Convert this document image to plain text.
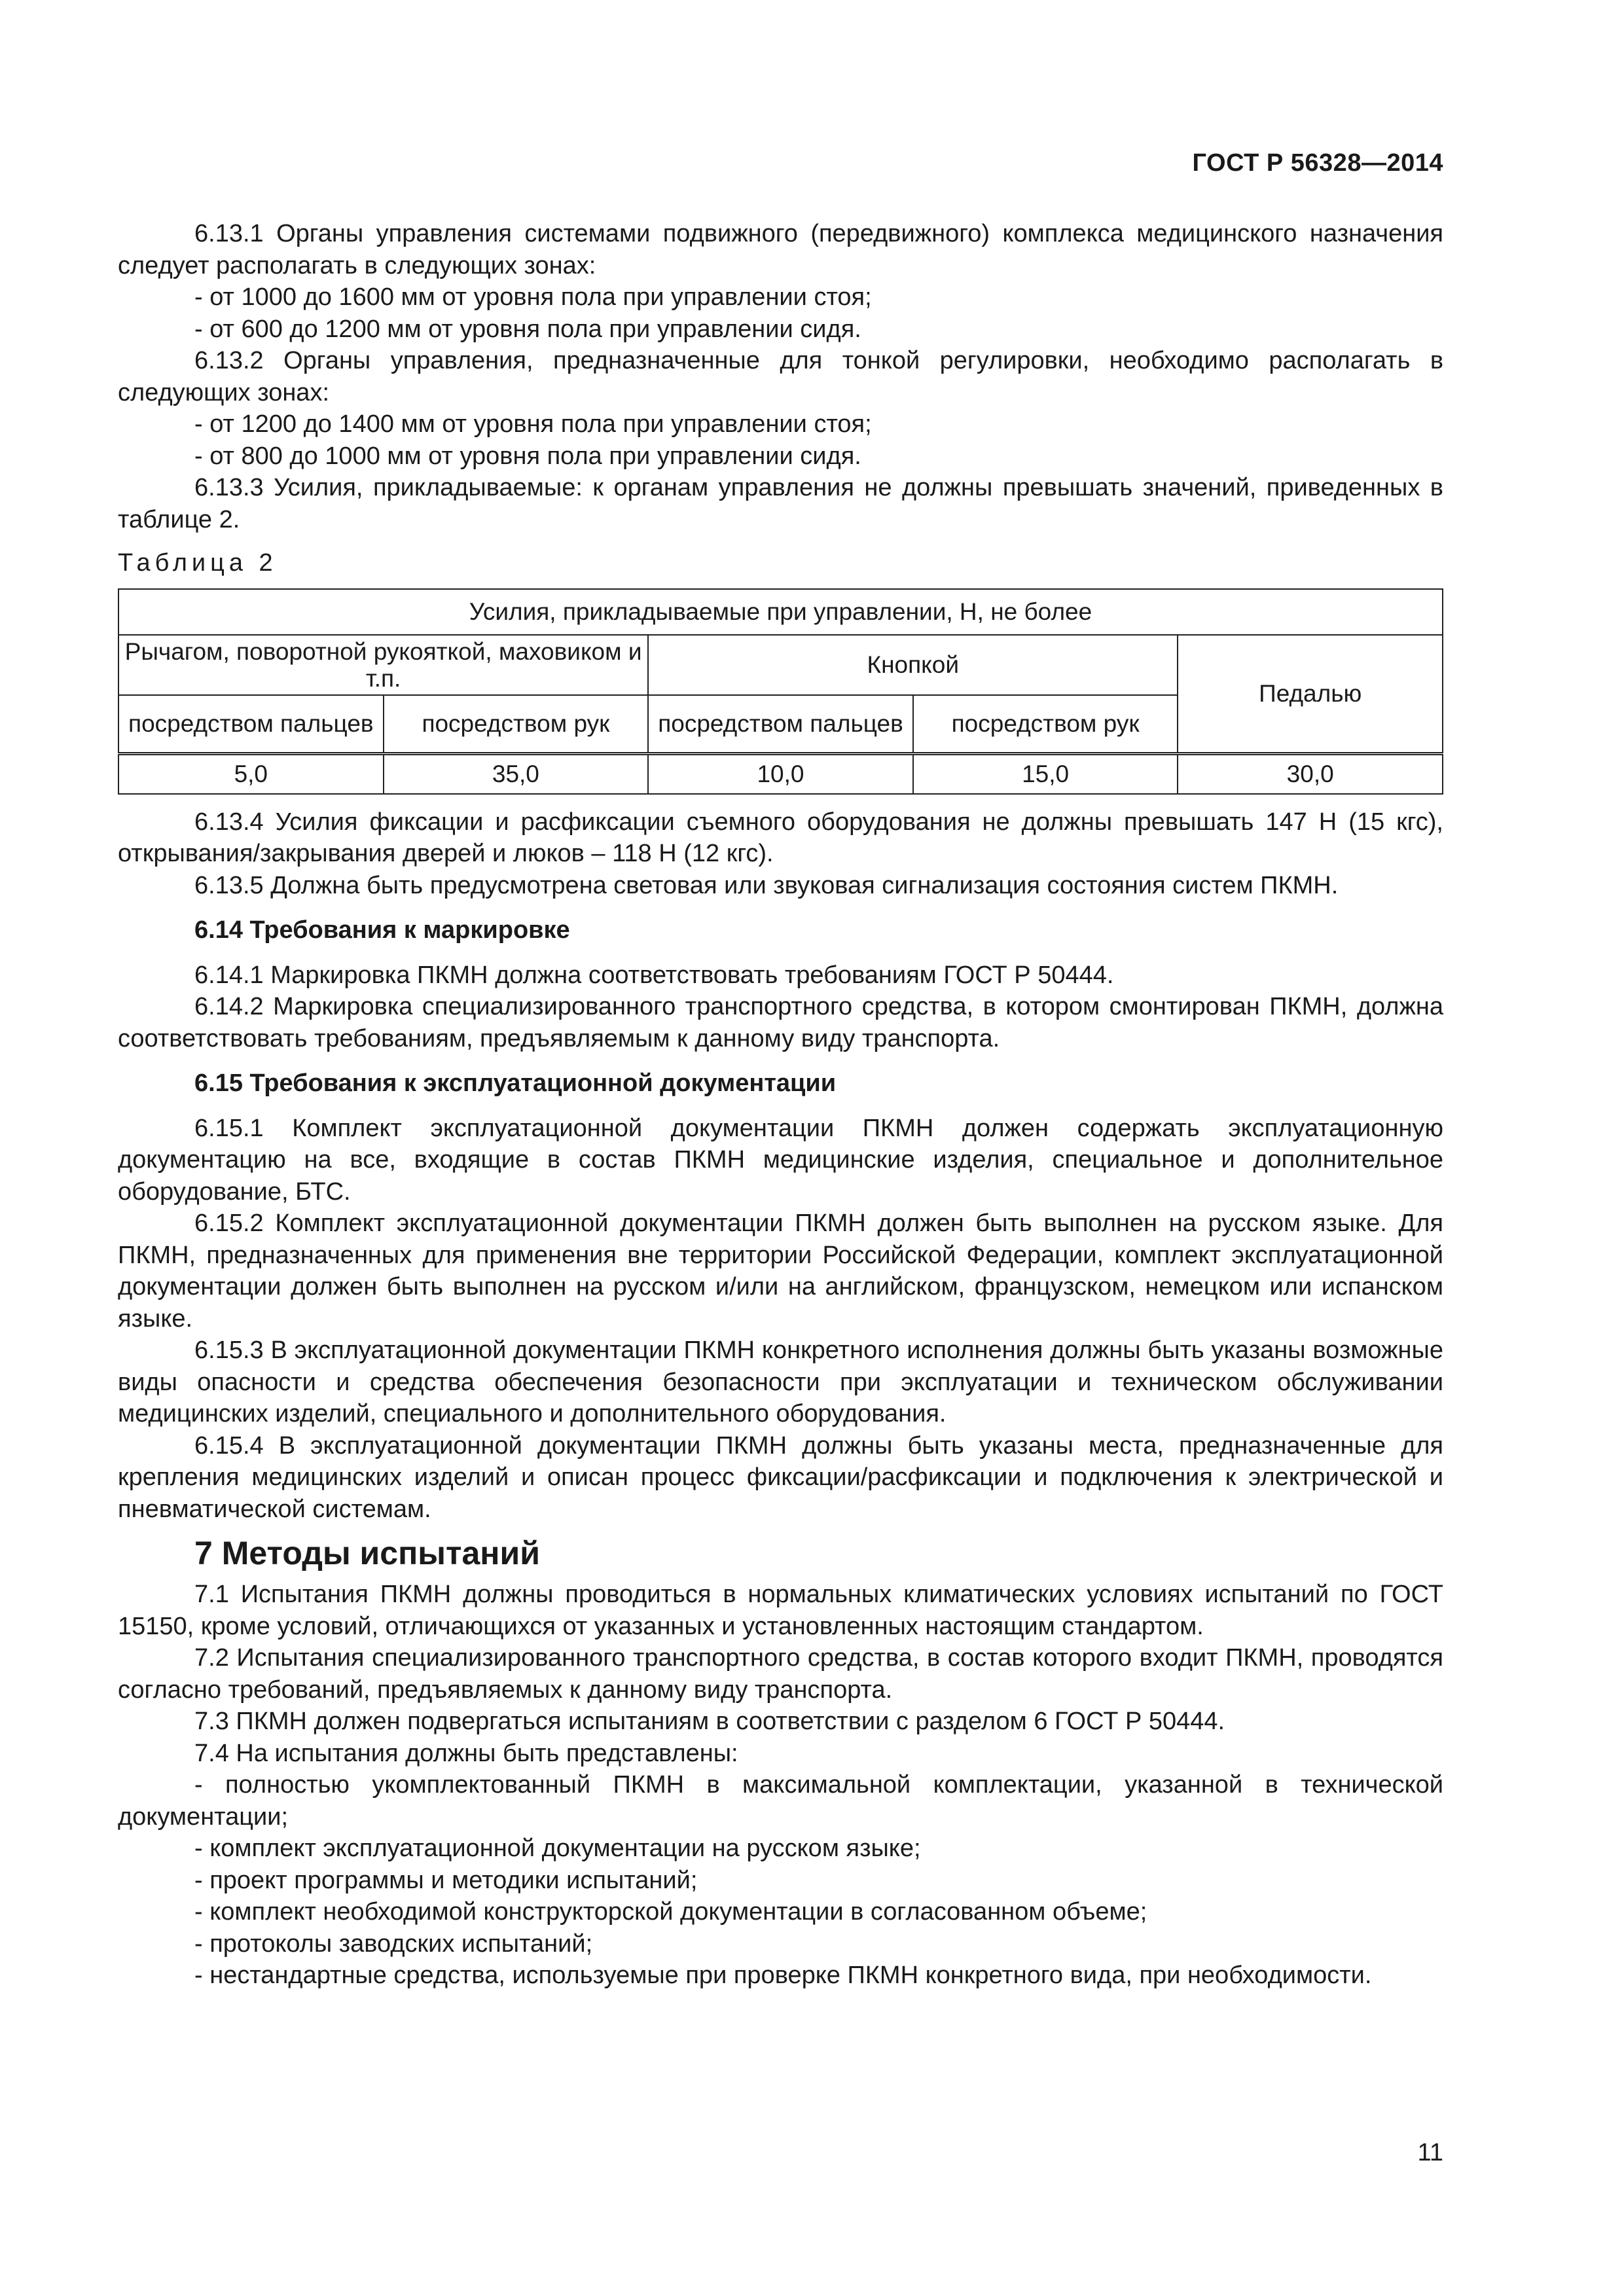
ГОСТ Р 56328—2014

6.13.1 Органы управления системами подвижного (передвижного) комплекса медицинского назначения следует располагать в следующих зонах:

- от 1000 до 1600 мм от уровня пола при управлении стоя;

- от 600 до 1200 мм от уровня пола при управлении сидя.

6.13.2 Органы управления, предназначенные для тонкой регулировки, необходимо располагать в следующих зонах:

- от 1200 до 1400 мм от уровня пола при управлении стоя;

- от 800 до 1000 мм от уровня пола при управлении сидя.

6.13.3 Усилия, прикладываемые: к органам управления не должны превышать значений, приведенных в таблице 2.

Таблица 2

Усилия, прикладываемые при управлении, Н, не более				
Рычагом, поворотной рукояткой, маховиком и т.п.		Кнопкой		Педалью
посредством пальцев	посредством рук	посредством пальцев	посредством рук	
5,0	35,0	10,0	15,0	30,0

6.13.4 Усилия фиксации и расфиксации съемного оборудования не должны превышать 147 Н (15 кгс), открывания/закрывания дверей и люков – 118 Н (12 кгс).

6.13.5 Должна быть предусмотрена световая или звуковая сигнализация состояния систем ПКМН.

6.14 Требования к маркировке

6.14.1 Маркировка ПКМН должна соответствовать требованиям ГОСТ Р 50444.

6.14.2 Маркировка специализированного транспортного средства, в котором смонтирован ПКМН, должна соответствовать требованиям, предъявляемым к данному виду транспорта.

6.15 Требования к эксплуатационной документации

6.15.1 Комплект эксплуатационной документации ПКМН должен содержать эксплуатационную документацию на все, входящие в состав ПКМН медицинские изделия, специальное и дополнительное оборудование, БТС.

6.15.2 Комплект эксплуатационной документации ПКМН должен быть выполнен на русском языке. Для ПКМН, предназначенных для применения вне территории Российской Федерации, комплект эксплуатационной документации должен быть выполнен на русском и/или на английском, французском, немецком или испанском языке.

6.15.3 В эксплуатационной документации ПКМН конкретного исполнения должны быть указаны возможные виды опасности и средства обеспечения безопасности при эксплуатации и техническом обслуживании медицинских изделий, специального и дополнительного оборудования.

6.15.4 В эксплуатационной документации ПКМН должны быть указаны места, предназначенные для крепления медицинских изделий и описан процесс фиксации/расфиксации и подключения к электрической и пневматической системам.

7 Методы испытаний

7.1 Испытания ПКМН должны проводиться в нормальных климатических условиях испытаний по ГОСТ 15150, кроме условий, отличающихся от указанных и установленных настоящим стандартом.

7.2 Испытания специализированного транспортного средства, в состав которого входит ПКМН, проводятся согласно требований, предъявляемых к данному виду транспорта.

7.3 ПКМН должен подвергаться испытаниям в соответствии с разделом 6 ГОСТ Р 50444.

7.4 На испытания должны быть представлены:

- полностью укомплектованный ПКМН в максимальной комплектации, указанной в технической документации;

- комплект эксплуатационной документации на русском языке;

- проект программы и методики испытаний;

- комплект необходимой конструкторской документации в согласованном объеме;

- протоколы заводских испытаний;

- нестандартные средства, используемые при проверке ПКМН конкретного вида, при необходимости.

11
